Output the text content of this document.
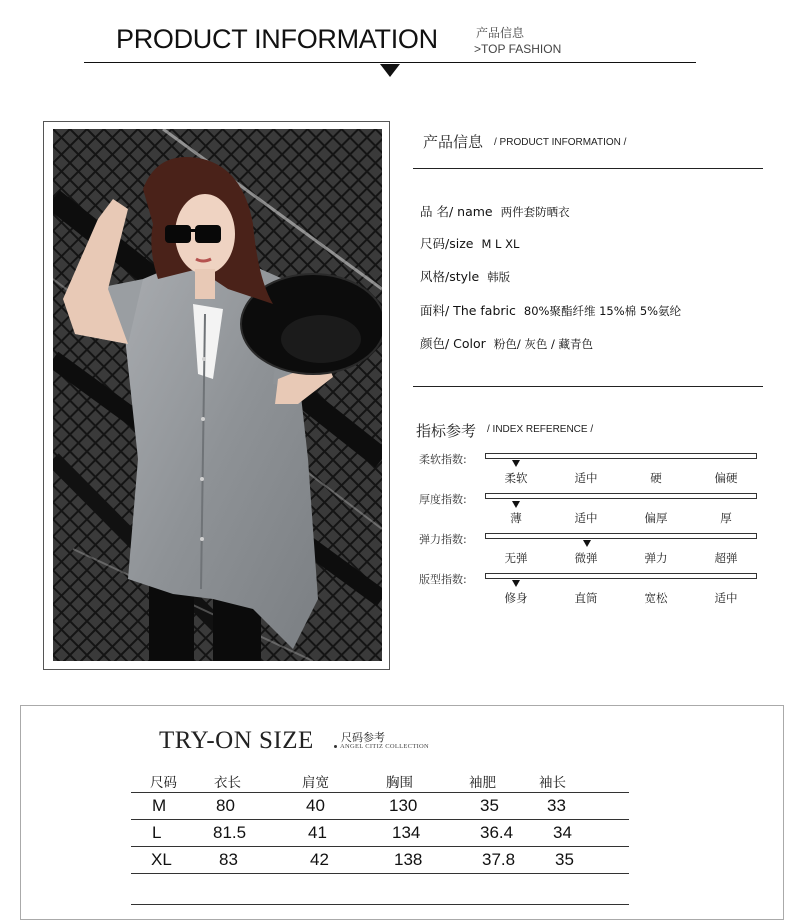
PRODUCT INFORMATION	产品信息
>TOP FASHION
产品信息 / PRODUCT INFORMATION /
品 名/ name 两件套防晒衣
尺码/size M L XL
风格/style 韩版
面料/ The fabric 80%聚酯纤维 15%棉 5%氨纶
颜色/ Color 粉色/ 灰色 / 藏青色
指标参考 / INDEX REFERENCE /
柔软指数:
柔软	适中	硬	偏硬
厚度指数:
薄	适中	偏厚	厚
弹力指数:
无弹	微弹	弹力	超弹
版型指数:
修身	直筒	宽松	适中
TRY-ON SIZE 尺码参考
ANGEL CITIZ COLLECTION
尺码	衣长	肩宽	胸围	袖肥	袖长
M	80	40	130	35	33
L	81.5	41	134	36.4 34
XL	83	42	138	37.8 35
